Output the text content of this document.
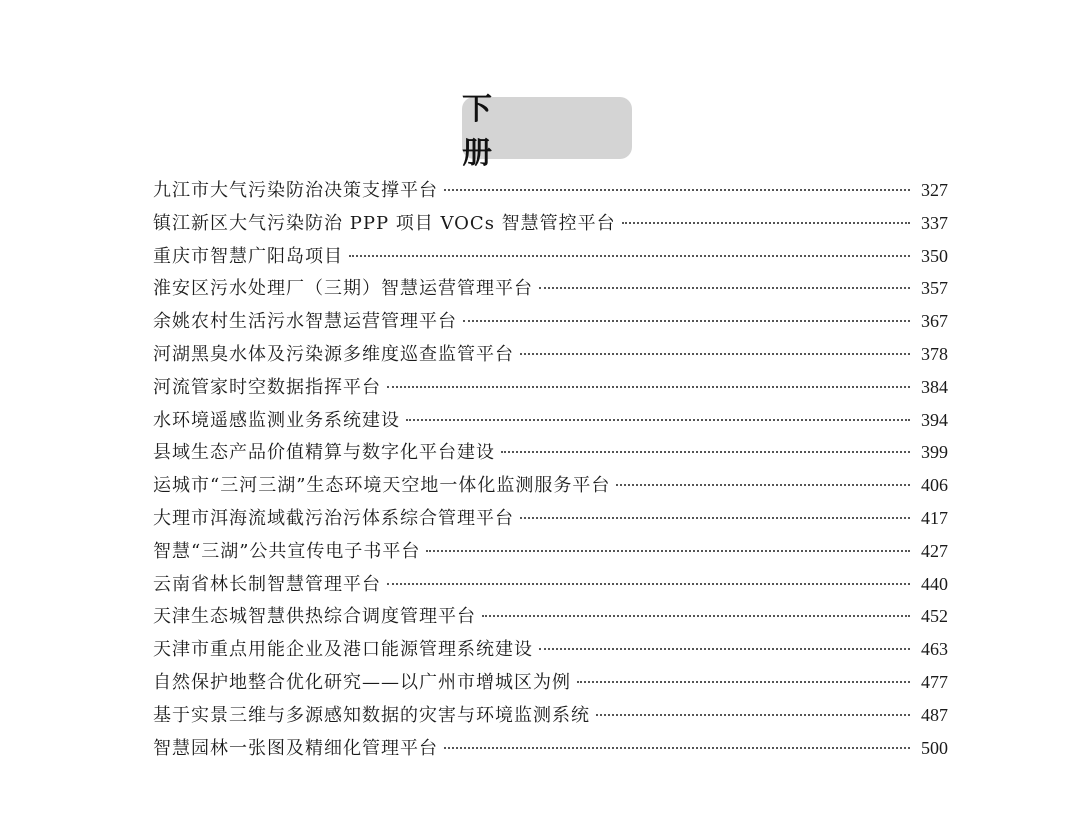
下　册
九江市大气污染防治决策支撑平台	327
镇江新区大气污染防治 PPP 项目 VOCs 智慧管控平台	337
重庆市智慧广阳岛项目	350
淮安区污水处理厂（三期）智慧运营管理平台	357
余姚农村生活污水智慧运营管理平台	367
河湖黑臭水体及污染源多维度巡查监管平台	378
河流管家时空数据指挥平台	384
水环境遥感监测业务系统建设	394
县域生态产品价值精算与数字化平台建设	399
运城市“三河三湖”生态环境天空地一体化监测服务平台	406
大理市洱海流域截污治污体系综合管理平台	417
智慧“三湖”公共宣传电子书平台	427
云南省林长制智慧管理平台	440
天津生态城智慧供热综合调度管理平台	452
天津市重点用能企业及港口能源管理系统建设	463
自然保护地整合优化研究——以广州市增城区为例	477
基于实景三维与多源感知数据的灾害与环境监测系统	487
智慧园林一张图及精细化管理平台	500
